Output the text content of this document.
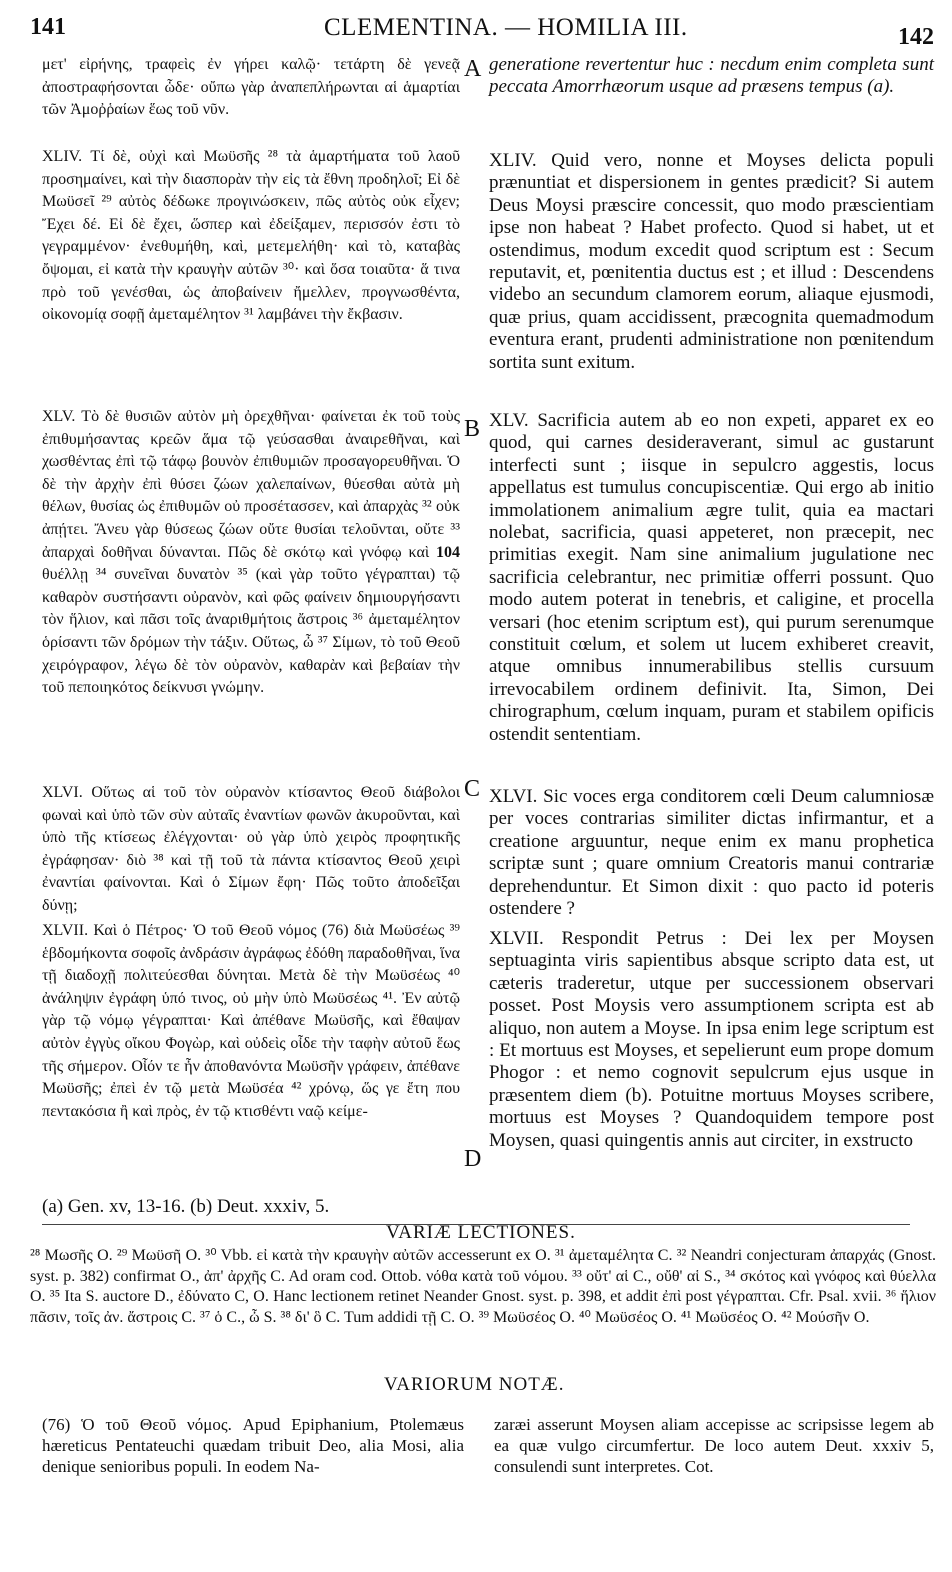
141	CLEMENTINA. — HOMILIA III.	142

μετ' εἰρήνης, τραφεὶς ἐν γήρει καλῷ· τετάρτη δὲ γενεᾷ ἀποστραφήσονται ὧδε· οὔπω γὰρ ἀναπεπλήρωνται αἱ ἁμαρτίαι τῶν Ἀμοῤῥαίων ἕως τοῦ νῦν.

XLIV. Τί δὲ, οὐχὶ καὶ Μωϋσῆς ²⁸ τὰ ἁμαρτήματα τοῦ λαοῦ προσημαίνει, καὶ τὴν διασπορὰν τὴν εἰς τὰ ἔθνη προδηλοῖ; Εἰ δὲ Μωϋσεῖ ²⁹ αὐτὸς δέδωκε προγινώσκειν, πῶς αὐτὸς οὐκ εἶχεν; Ἔχει δέ. Εἰ δὲ ἔχει, ὥσπερ καὶ ἐδείξαμεν, περισσόν ἐστι τὸ γεγραμμένον· ἐνεθυμήθη, καὶ, μετεμελήθη· καὶ τὸ, καταβὰς ὄψομαι, εἰ κατὰ τὴν κραυγὴν αὐτῶν ³⁰· καὶ ὅσα τοιαῦτα· ἅ τινα πρὸ τοῦ γενέσθαι, ὡς ἀποβαίνειν ἤμελλεν, προγνωσθέντα, οἰκονομίᾳ σοφῇ ἀμεταμέλητον ³¹ λαμβάνει τὴν ἔκβασιν.

XLV. Τὸ δὲ θυσιῶν αὐτὸν μὴ ὀρεχθῆναι· φαίνεται ἐκ τοῦ τοὺς ἐπιθυμήσαντας κρεῶν ἅμα τῷ γεύσασθαι ἀναιρεθῆναι, καὶ χωσθέντας ἐπὶ τῷ τάφῳ βουνὸν ἐπιθυμιῶν προσαγορευθῆναι. Ὁ δὲ τὴν ἀρχὴν ἐπὶ θύσει ζώων χαλεπαίνων, θύεσθαι αὐτὰ μὴ θέλων, θυσίας ὡς ἐπιθυμῶν οὐ προσέτασσεν, καὶ ἀπαρχὰς ³² οὐκ ἀπῄτει. Ἄνευ γὰρ θύσεως ζώων οὔτε θυσίαι τελοῦνται, οὔτε ³³ ἀπαρχαὶ δοθῆναι δύνανται. Πῶς δὲ σκότῳ καὶ γνόφῳ καὶ 104 θυέλλῃ ³⁴ συνεῖναι δυνατὸν ³⁵ (καὶ γὰρ τοῦτο γέγραπται) τῷ καθαρὸν συστήσαντι οὐρανὸν, καὶ φῶς φαίνειν δημιουργήσαντι τὸν ἥλιον, καὶ πᾶσι τοῖς ἀναριθμήτοις ἄστροις ³⁶ ἀμεταμέλητον ὁρίσαντι τῶν δρόμων τὴν τάξιν. Οὕτως, ὦ ³⁷ Σίμων, τὸ τοῦ Θεοῦ χειρόγραφον, λέγω δὲ τὸν οὐρανὸν, καθαρὰν καὶ βεβαίαν τὴν τοῦ πεποιηκότος δείκνυσι γνώμην.

XLVI. Οὕτως αἱ τοῦ τὸν οὐρανὸν κτίσαντος Θεοῦ διάβολοι φωναὶ καὶ ὑπὸ τῶν σὺν αὐταῖς ἐναντίων φωνῶν ἀκυροῦνται, καὶ ὑπὸ τῆς κτίσεως ἐλέγχονται· οὐ γὰρ ὑπὸ χειρὸς προφητικῆς ἐγράφησαν· διὸ ³⁸ καὶ τῇ τοῦ τὰ πάντα κτίσαντος Θεοῦ χειρὶ ἐναντίαι φαίνονται. Καὶ ὁ Σίμων ἔφη· Πῶς τοῦτο ἀποδεῖξαι δύνῃ;

XLVII. Καὶ ὁ Πέτρος· Ὁ τοῦ Θεοῦ νόμος (76) διὰ Μωϋσέως ³⁹ ἑβδομήκοντα σοφοῖς ἀνδράσιν ἀγράφως ἐδόθη παραδοθῆναι, ἵνα τῇ διαδοχῇ πολιτεύεσθαι δύνηται. Μετὰ δὲ τὴν Μωϋσέως ⁴⁰ ἀνάληψιν ἐγράφη ὑπό τινος, οὐ μὴν ὑπὸ Μωϋσέως ⁴¹. Ἐν αὐτῷ γὰρ τῷ νόμῳ γέγραπται· Καὶ ἀπέθανε Μωϋσῆς, καὶ ἔθαψαν αὐτὸν ἐγγὺς οἴκου Φογὼρ, καὶ οὐδεὶς οἶδε τὴν ταφὴν αὐτοῦ ἕως τῆς σήμερον. Οἷόν τε ἦν ἀποθανόντα Μωϋσῆν γράφειν, ἀπέθανε Μωϋσῆς; ἐπεὶ ἐν τῷ μετὰ Μωϋσέα ⁴² χρόνῳ, ὥς γε ἔτη που πεντακόσια ἢ καὶ πρὸς, ἐν τῷ κτισθέντι ναῷ κείμε-

A
B
C
D

generatione revertentur huc : necdum enim completa sunt peccata Amorrhæorum usque ad præsens tempus (a).

XLIV. Quid vero, nonne et Moyses delicta populi prænuntiat et dispersionem in gentes prædicit? Si autem Deus Moysi præscire concessit, quo modo præscientiam ipse non habeat ? Habet profecto. Quod si habet, ut et ostendimus, modum excedit quod scriptum est : Secum reputavit, et, pœnitentia ductus est ; et illud : Descendens videbo an secundum clamorem eorum, aliaque ejusmodi, quæ prius, quam accidissent, præcognita quemadmodum eventura erant, prudenti administratione non pœnitendum sortita sunt exitum.

XLV. Sacrificia autem ab eo non expeti, apparet ex eo quod, qui carnes desideraverant, simul ac gustarunt interfecti sunt ; iisque in sepulcro aggestis, locus appellatus est tumulus concupiscentiæ. Qui ergo ab initio immolationem animalium ægre tulit, quia ea mactari nolebat, sacrificia, quasi appeteret, non præcepit, nec primitias exegit. Nam sine animalium jugulatione nec sacrificia celebrantur, nec primitiæ offerri possunt. Quo modo autem poterat in tenebris, et caligine, et procella versari (hoc etenim scriptum est), qui purum serenumque constituit cœlum, et solem ut lucem exhiberet creavit, atque omnibus innumerabilibus stellis cursuum irrevocabilem ordinem definivit. Ita, Simon, Dei chirographum, cœlum inquam, puram et stabilem opificis ostendit sententiam.

XLVI. Sic voces erga conditorem cœli Deum calumniosæ per voces contrarias similiter dictas infirmantur, et a creatione arguuntur, neque enim ex manu prophetica scriptæ sunt ; quare omnium Creatoris manui contrariæ deprehenduntur. Et Simon dixit : quo pacto id poteris ostendere ?

XLVII. Respondit Petrus : Dei lex per Moysen septuaginta viris sapientibus absque scripto data est, ut cæteris traderetur, utque per successionem observari posset. Post Moysis vero assumptionem scripta est ab aliquo, non autem a Moyse. In ipsa enim lege scriptum est : Et mortuus est Moyses, et sepelierunt eum prope domum Phogor : et nemo cognovit sepulcrum ejus usque in præsentem diem (b). Potuitne mortuus Moyses scribere, mortuus est Moyses ? Quandoquidem tempore post Moysen, quasi quingentis annis aut circiter, in exstructo

(a) Gen. xv, 13-16. (b) Deut. xxxiv, 5.
VARIÆ LECTIONES.
²⁸ Μωσῆς O. ²⁹ Μωϋσῆ O. ³⁰ Vbb. εἰ κατὰ τὴν κραυγὴν αὐτῶν accesserunt ex O. ³¹ ἀμεταμέλητα C. ³² Neandri conjecturam ἀπαρχάς (Gnost. syst. p. 382) confirmat O., ἀπ' ἀρχῆς C. Ad oram cod. Ottob. νόθα κατὰ τοῦ νόμου. ³³ οὔτ' αἱ C., οὔθ' αἱ S., ³⁴ σκότος καὶ γνόφος καὶ θύελλα O. ³⁵ Ita S. auctore D., ἐδύνατο C, O. Hanc lectionem retinet Neander Gnost. syst. p. 398, et addit ἐπὶ post γέγραπται. Cfr. Psal. xvii. ³⁶ ἥλιον πᾶσιν, τοῖς ἀν. ἄστροις C. ³⁷ ὁ C., ὦ S. ³⁸ δι' ὃ C. Tum addidi τῇ C. O. ³⁹ Μωϋσέος O. ⁴⁰ Μωϋσέος O. ⁴¹ Μωϋσέος O. ⁴² Μούσῆν O.
VARIORUM NOTÆ.
(76) Ὁ τοῦ Θεοῦ νόμος. Apud Epiphanium, Ptolemæus hæreticus Pentateuchi quædam tribuit Deo, alia Mosi, alia denique senioribus populi. In eodem Na-
zaræi asserunt Moysen aliam accepisse ac scripsisse legem ab ea quæ vulgo circumfertur. De loco autem Deut. xxxiv 5, consulendi sunt interpretes. Cot.
